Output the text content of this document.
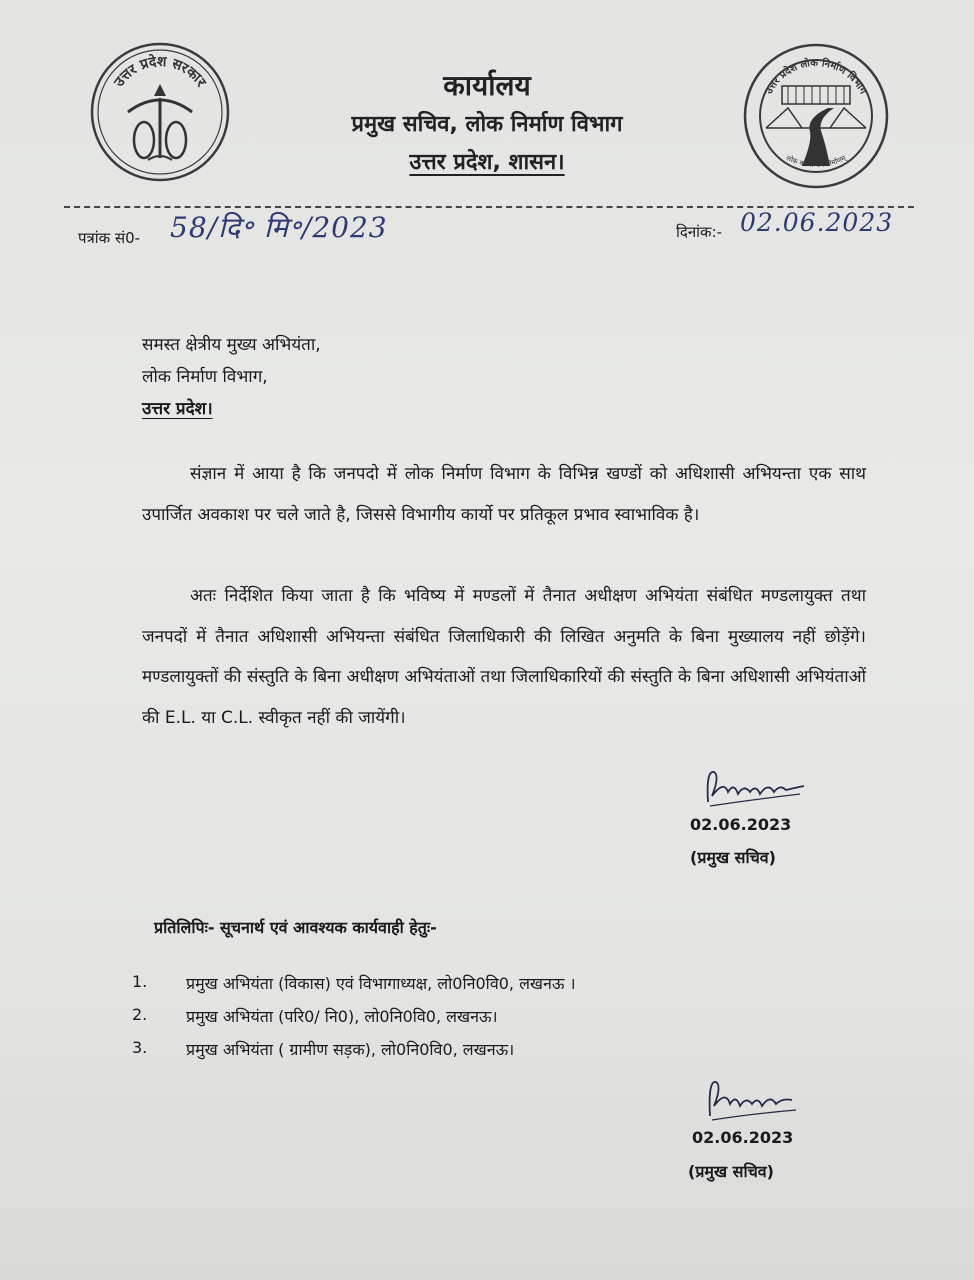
उत्तर प्रदेश सरकार
उत्तर प्रदेश लोक निर्माण विभाग
लोक कल्याणाय निर्माणम्
कार्यालय
प्रमुख सचिव, लोक निर्माण विभाग
उत्तर प्रदेश, शासन।
पत्रांक सं0- 58/दि॰ मि॰/2023	दिनांक:- 02.06.2023
समस्त क्षेत्रीय मुख्य अभियंता,
लोक निर्माण विभाग,
उत्तर प्रदेश।
संज्ञान में आया है कि जनपदो में लोक निर्माण विभाग के विभिन्न खण्डों को अधिशासी अभियन्ता एक साथ उपार्जित अवकाश पर चले जाते है, जिससे विभागीय कार्यो पर प्रतिकूल प्रभाव स्वाभाविक है।
अतः निर्देशित किया जाता है कि भविष्य में मण्डलों में तैनात अधीक्षण अभियंता संबंधित मण्डलायुक्त तथा जनपदों में तैनात अधिशासी अभियन्ता संबंधित जिलाधिकारी की लिखित अनुमति के बिना मुख्यालय नहीं छोड़ेंगे। मण्डलायुक्तों की संस्तुति के बिना अधीक्षण अभियंताओं तथा जिलाधिकारियों की संस्तुति के बिना अधिशासी अभियंताओं की E.L. या C.L. स्वीकृत नहीं की जायेंगी।
02.06.2023
(प्रमुख सचिव)
प्रतिलिपिः- सूचनार्थ एवं आवश्यक कार्यवाही हेतुः-
1.	प्रमुख अभियंता (विकास) एवं विभागाध्यक्ष, लो0नि0वि0, लखनऊ ।
2.	प्रमुख अभियंता (परि0/ नि0), लो0नि0वि0, लखनऊ।
3.	प्रमुख अभियंता ( ग्रामीण सड़क), लो0नि0वि0, लखनऊ।
02.06.2023
(प्रमुख सचिव)
